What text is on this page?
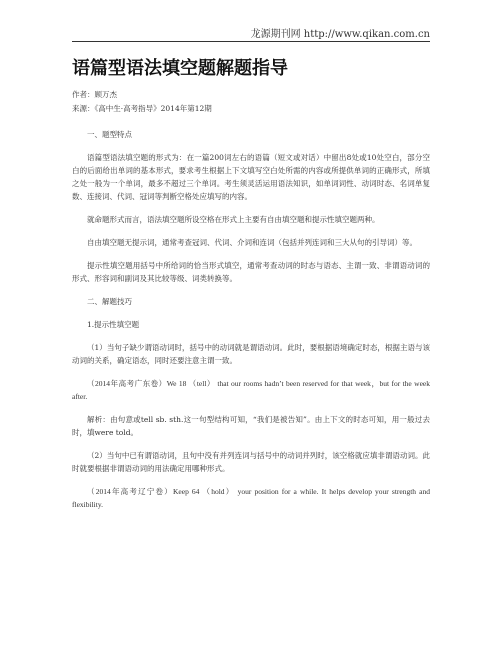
龙源期刊网 http://www.qikan.com.cn
语篇型语法填空题解题指导
作者：顾万杰
来源：《高中生·高考指导》2014年第12期

一、题型特点

语篇型语法填空题的形式为：在一篇200词左右的语篇（短文或对话）中留出8处或10处空白，部分空白的后面给出单词的基本形式，要求考生根据上下文填写空白处所需的内容或所提供单词的正确形式，所填之处一般为一个单词，最多不超过三个单词。考生须灵活运用语法知识，如单词词性、动词时态、名词单复数、连接词、代词、冠词等判断空格处应填写的内容。

就命题形式而言，语法填空题所设空格在形式上主要有自由填空题和提示性填空题两种。

自由填空题无提示词，通常考查冠词、代词、介词和连词（包括并列连词和三大从句的引导词）等。

提示性填空题用括号中所给词的恰当形式填空，通常考查动词的时态与语态、主谓一致、非谓语动词的形式、形容词和副词及其比较等级、词类转换等。

二、解题技巧

1.提示性填空题

（1）当句子缺少谓语动词时，括号中的动词就是谓语动词。此时，要根据语境确定时态，根据主语与该动词的关系，确定语态，同时还要注意主谓一致。

（2014年高考广东卷）We 18 （tell） that our rooms hadn’t been reserved for that week，but for the week after.

解析：由句意或tell sb. sth.这一句型结构可知，“我们是被告知”。由上下文的时态可知，用一般过去时，填were told。

（2）当句中已有谓语动词，且句中没有并列连词与括号中的动词并列时，该空格就应填非谓语动词。此时就要根据非谓语动词的用法确定用哪种形式。

（2014年高考辽宁卷）Keep 64 （hold） your position for a while. It helps develop your strength and flexibility.
